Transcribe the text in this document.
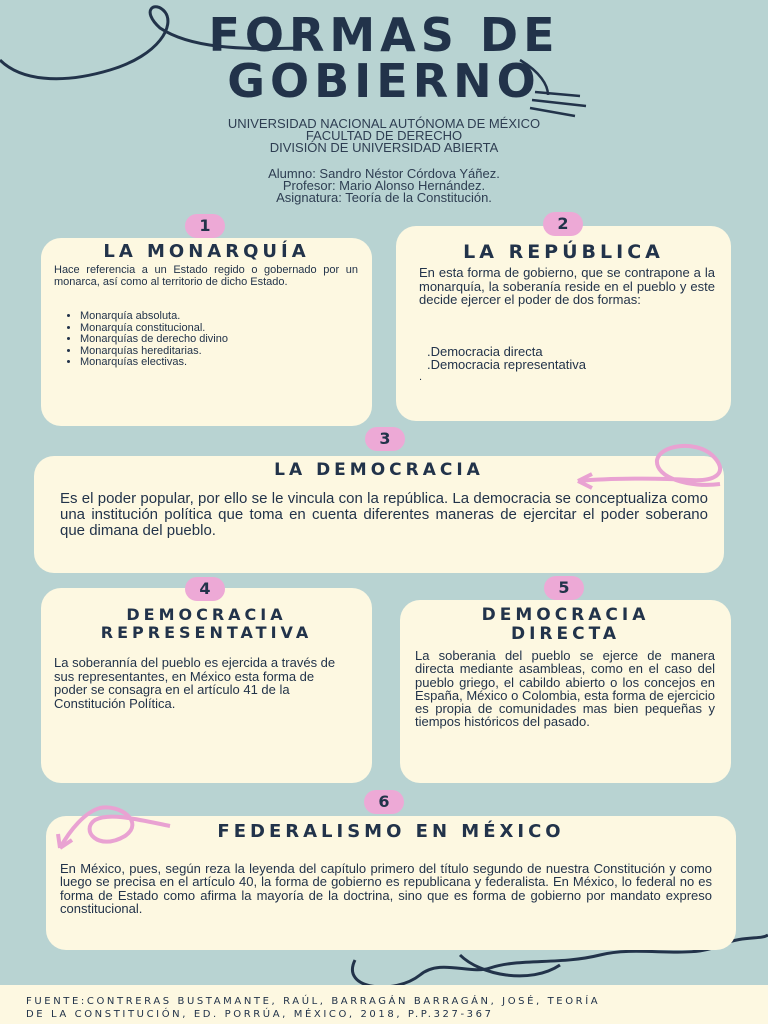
FORMAS DE
GOBIERNO
UNIVERSIDAD NACIONAL AUTÓNOMA DE MÉXICO
FACULTAD DE DERECHO
DIVISIÓN DE UNIVERSIDAD ABIERTA
Alumno: Sandro Néstor Córdova Yáñez.
Profesor: Mario Alonso Hernández.
Asignatura: Teoría de la Constitución.
1
LA MONARQUÍA

Hace referencia a un Estado regido o gobernado por un monarca, así como al territorio de dicho Estado.

• Monarquía absoluta.
• Monarquía constitucional.
• Monarquías de derecho divino
• Monarquías hereditarias.
• Monarquías electivas.
2
LA REPÚBLICA

En esta forma de gobierno, que se contrapone a la monarquía, la soberanía reside en el pueblo y este decide ejercer el poder de dos formas:

.Democracia directa

.Democracia representativa

.

3
LA DEMOCRACIA

Es el poder popular, por ello se le vincula con la república. La democracia se conceptualiza como una institución política que toma en cuenta diferentes maneras de ejercitar el poder soberano que dimana del pueblo.

4
DEMOCRACIA
REPRESENTATIVA

La soberannía del pueblo es ejercida a través de sus representantes, en México esta forma de poder se consagra en el artículo 41 de la Constitución Política.

5
DEMOCRACIA
DIRECTA

La soberania del pueblo se ejerce de manera directa mediante asambleas, como en el caso del pueblo griego, el cabildo abierto o los concejos en España, México o Colombia, esta forma de ejercicio es propia de comunidades mas bien pequeñas y tiempos históricos del pasado.

6
FEDERALISMO EN MÉXICO

En México, pues, según reza la leyenda del capítulo primero del título segundo de nuestra Constitución y como luego se precisa en el artículo 40, la forma de gobierno es republicana y federalista. En México, lo federal no es forma de Estado como afirma la mayoría de la doctrina, sino que es forma de gobierno por mandato expreso constitucional.

FUENTE:CONTRERAS BUSTAMANTE, RAÚL, BARRAGÁN BARRAGÁN, JOSÉ, TEORÍA
DE LA CONSTITUCIÓN, ED. PORRÚA, MÉXICO, 2018, P.P.327-367
